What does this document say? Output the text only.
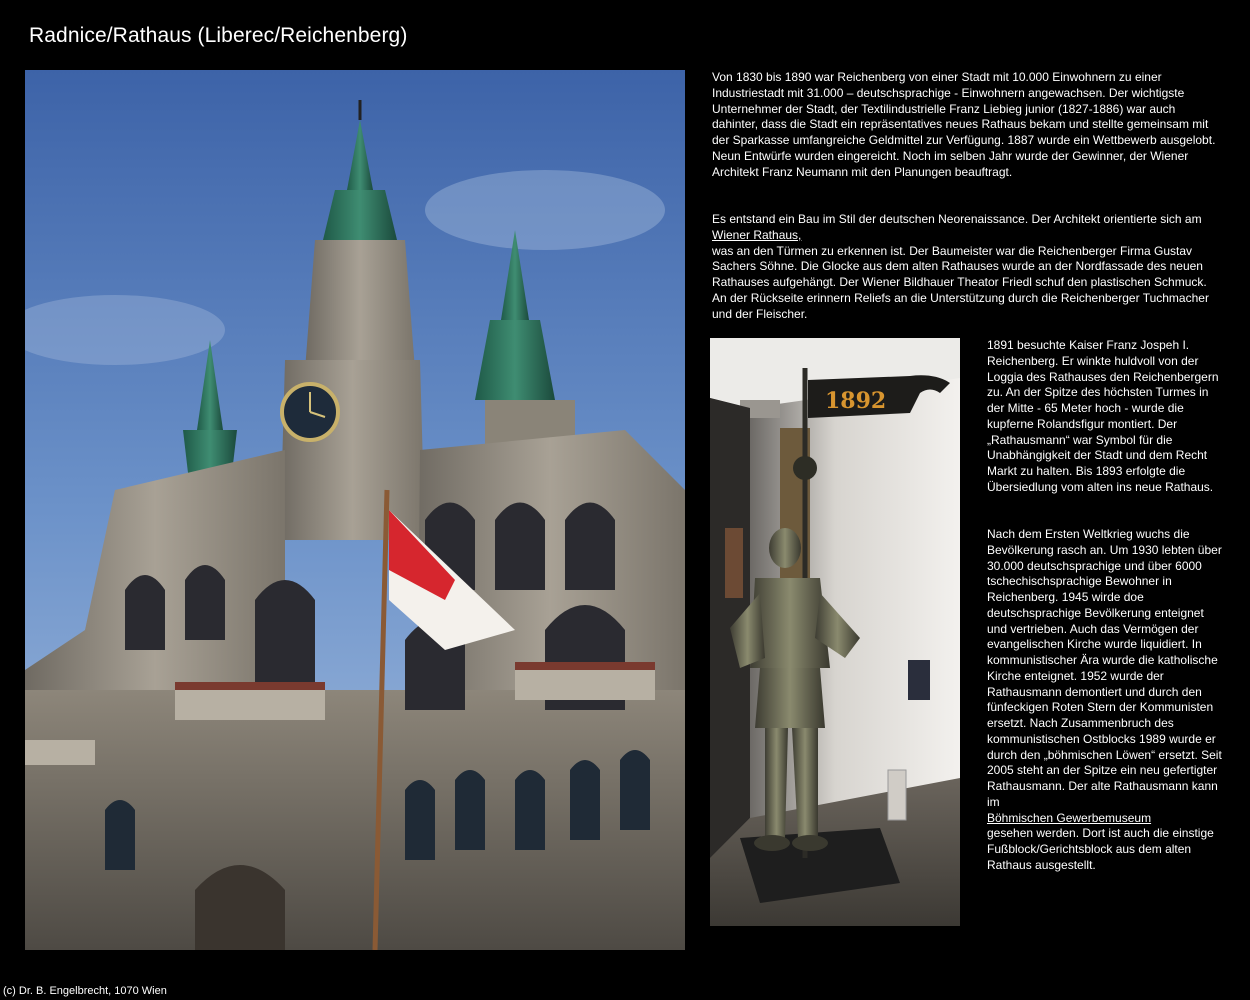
Radnice/Rathaus (Liberec/Reichenberg)
1892

Von 1830 bis 1890 war Reichenberg von einer Stadt mit 10.000 Einwohnern zu einer Industriestadt mit 31.000 – deutschsprachige - Einwohnern angewachsen. Der wichtigste Unternehmer der Stadt, der Textilindustrielle Franz Liebieg junior (1827-1886) war auch dahinter, dass die Stadt ein repräsentatives neues Rathaus bekam und stellte gemeinsam mit der Sparkasse umfangreiche Geldmittel zur Verfügung. 1887 wurde ein Wettbewerb ausgelobt. Neun Entwürfe wurden eingereicht. Noch im selben Jahr wurde der Gewinner, der Wiener Architekt Franz Neumann mit den Planungen beauftragt.

Es entstand ein Bau im Stil der deutschen Neorenaissance. Der Architekt orientierte sich am

Wiener Rathaus,

was an den Türmen zu erkennen ist. Der Baumeister war die Reichenberger Firma Gustav Sachers Söhne. Die Glocke aus dem alten Rathauses wurde an der Nordfassade des neuen Rathauses aufgehängt. Der Wiener Bildhauer Theator Friedl schuf den plastischen Schmuck. An der Rückseite erinnern Reliefs an die Unterstützung durch die Reichenberger Tuchmacher und der Fleischer.

1891 besuchte Kaiser Franz Jospeh I. Reichenberg. Er winkte huldvoll von der Loggia des Rathauses den Reichenbergern zu. An der Spitze des höchsten Turmes in der Mitte - 65 Meter hoch - wurde die kupferne Rolandsfigur montiert. Der „Rathausmann“ war Symbol für die Unabhängigkeit der Stadt und dem Recht Markt zu halten. Bis 1893 erfolgte die Übersiedlung vom alten ins neue Rathaus.

Nach dem Ersten Weltkrieg wuchs die Bevölkerung rasch an. Um 1930 lebten über 30.000 deutschsprachige und über 6000 tschechischsprachige Bewohner in Reichenberg. 1945 wirde doe deutschsprachige Bevölkerung enteignet und vertrieben. Auch das Vermögen der evangelischen Kirche wurde liquidiert. In kommunistischer Ära wurde die katholische Kirche enteignet. 1952 wurde der Rathausmann demontiert und durch den fünfeckigen Roten Stern der Kommunisten ersetzt. Nach Zusammenbruch des kommunistischen Ostblocks 1989 wurde er durch den „böhmischen Löwen“ ersetzt. Seit 2005 steht an der Spitze ein neu gefertigter Rathausmann. Der alte Rathausmann kann im

Böhmischen Gewerbemuseum

gesehen werden. Dort ist auch die einstige Fußblock/Gerichtsblock aus dem alten Rathaus ausgestellt.

(c) Dr. B. Engelbrecht, 1070 Wien
